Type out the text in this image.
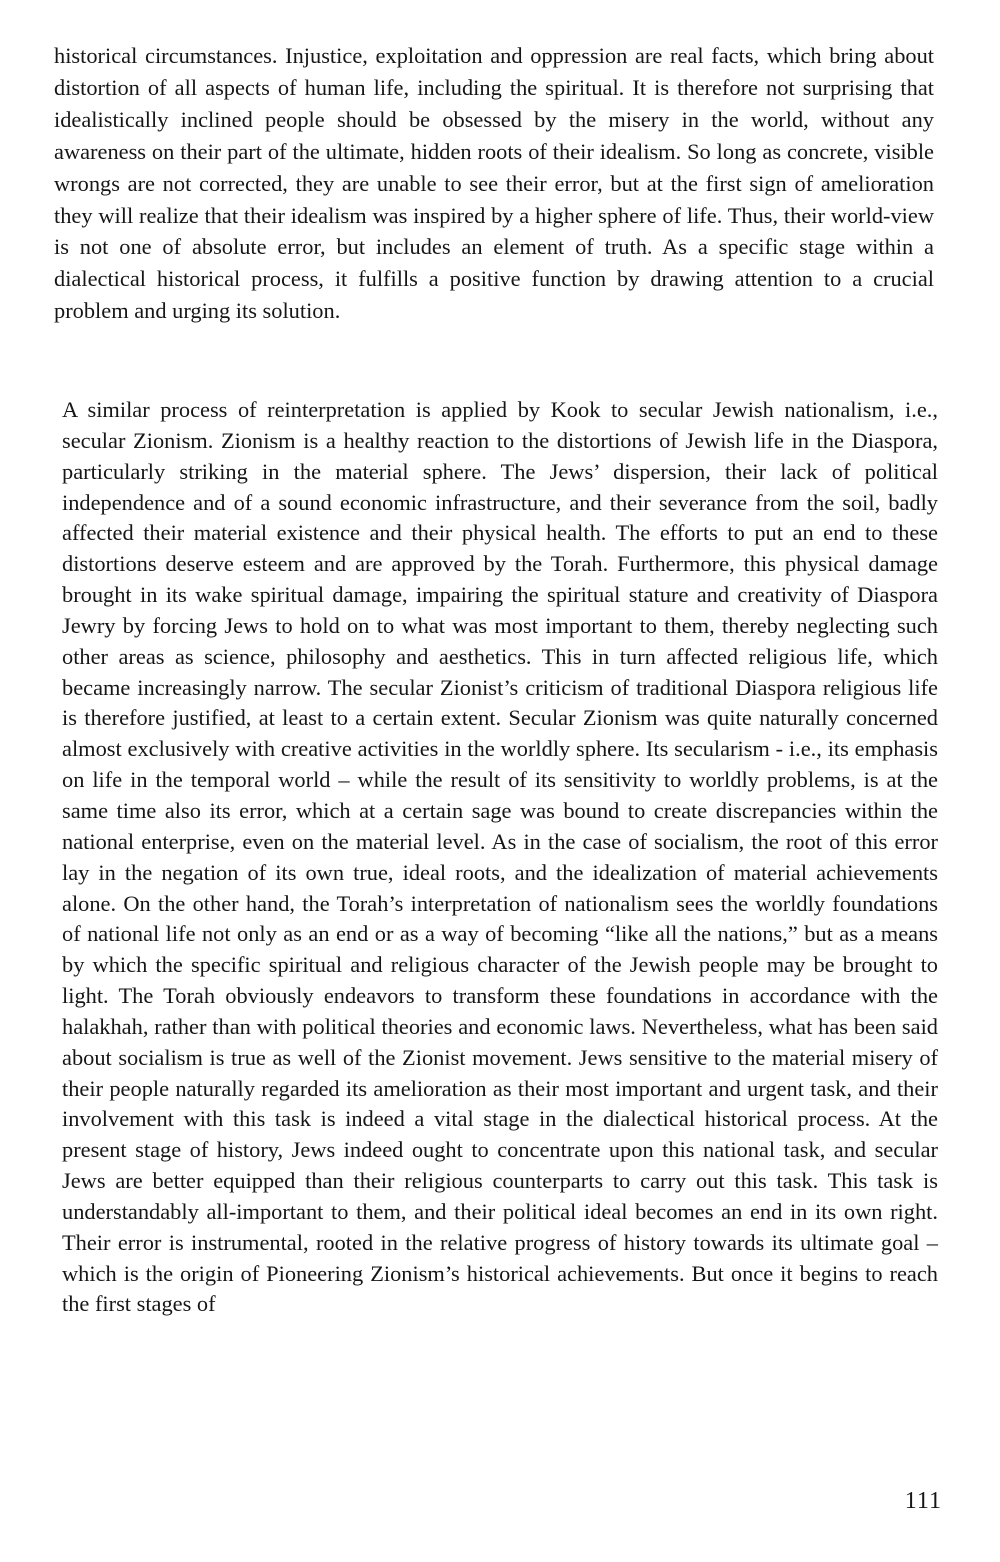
historical circumstances. Injustice, exploitation and oppression are real facts, which bring about distortion of all aspects of human life, including the spiritual. It is therefore not surprising that idealistically inclined people should be obsessed by the misery in the world, without any awareness on their part of the ultimate, hidden roots of their idealism. So long as concrete, visible wrongs are not corrected, they are unable to see their error, but at the first sign of amelioration they will realize that their idealism was inspired by a higher sphere of life. Thus, their world-view is not one of absolute error, but includes an element of truth. As a specific stage within a dialectical historical process, it fulfills a positive function by drawing attention to a crucial problem and urging its solution.

A similar process of reinterpretation is applied by Kook to secular Jewish nationalism, i.e., secular Zionism. Zionism is a healthy reaction to the distortions of Jewish life in the Diaspora, particularly striking in the material sphere. The Jews’ dispersion, their lack of political independence and of a sound economic infrastructure, and their severance from the soil, badly affected their material existence and their physical health. The efforts to put an end to these distortions deserve esteem and are approved by the Torah. Furthermore, this physical damage brought in its wake spiritual damage, impairing the spiritual stature and creativity of Diaspora Jewry by forcing Jews to hold on to what was most important to them, thereby neglecting such other areas as science, philosophy and aesthetics. This in turn affected religious life, which became increasingly narrow. The secular Zionist’s criticism of traditional Diaspora religious life is therefore justified, at least to a certain extent. Secular Zionism was quite naturally concerned almost exclusively with creative activities in the worldly sphere. Its secularism - i.e., its emphasis on life in the temporal world – while the result of its sensitivity to worldly problems, is at the same time also its error, which at a certain sage was bound to create discrepancies within the national enterprise, even on the material level. As in the case of socialism, the root of this error lay in the negation of its own true, ideal roots, and the idealization of material achievements alone. On the other hand, the Torah’s interpretation of nationalism sees the worldly foundations of national life not only as an end or as a way of becoming “like all the nations,” but as a means by which the specific spiritual and religious character of the Jewish people may be brought to light. The Torah obviously endeavors to transform these foundations in accordance with the halakhah, rather than with political theories and economic laws. Nevertheless, what has been said about socialism is true as well of the Zionist movement. Jews sensitive to the material misery of their people naturally regarded its amelioration as their most important and urgent task, and their involvement with this task is indeed a vital stage in the dialectical historical process. At the present stage of history, Jews indeed ought to concentrate upon this national task, and secular Jews are better equipped than their religious counterparts to carry out this task. This task is understandably all-important to them, and their political ideal becomes an end in its own right. Their error is instrumental, rooted in the relative progress of history towards its ultimate goal – which is the origin of Pioneering Zionism’s historical achievements. But once it begins to reach the first stages of

111
